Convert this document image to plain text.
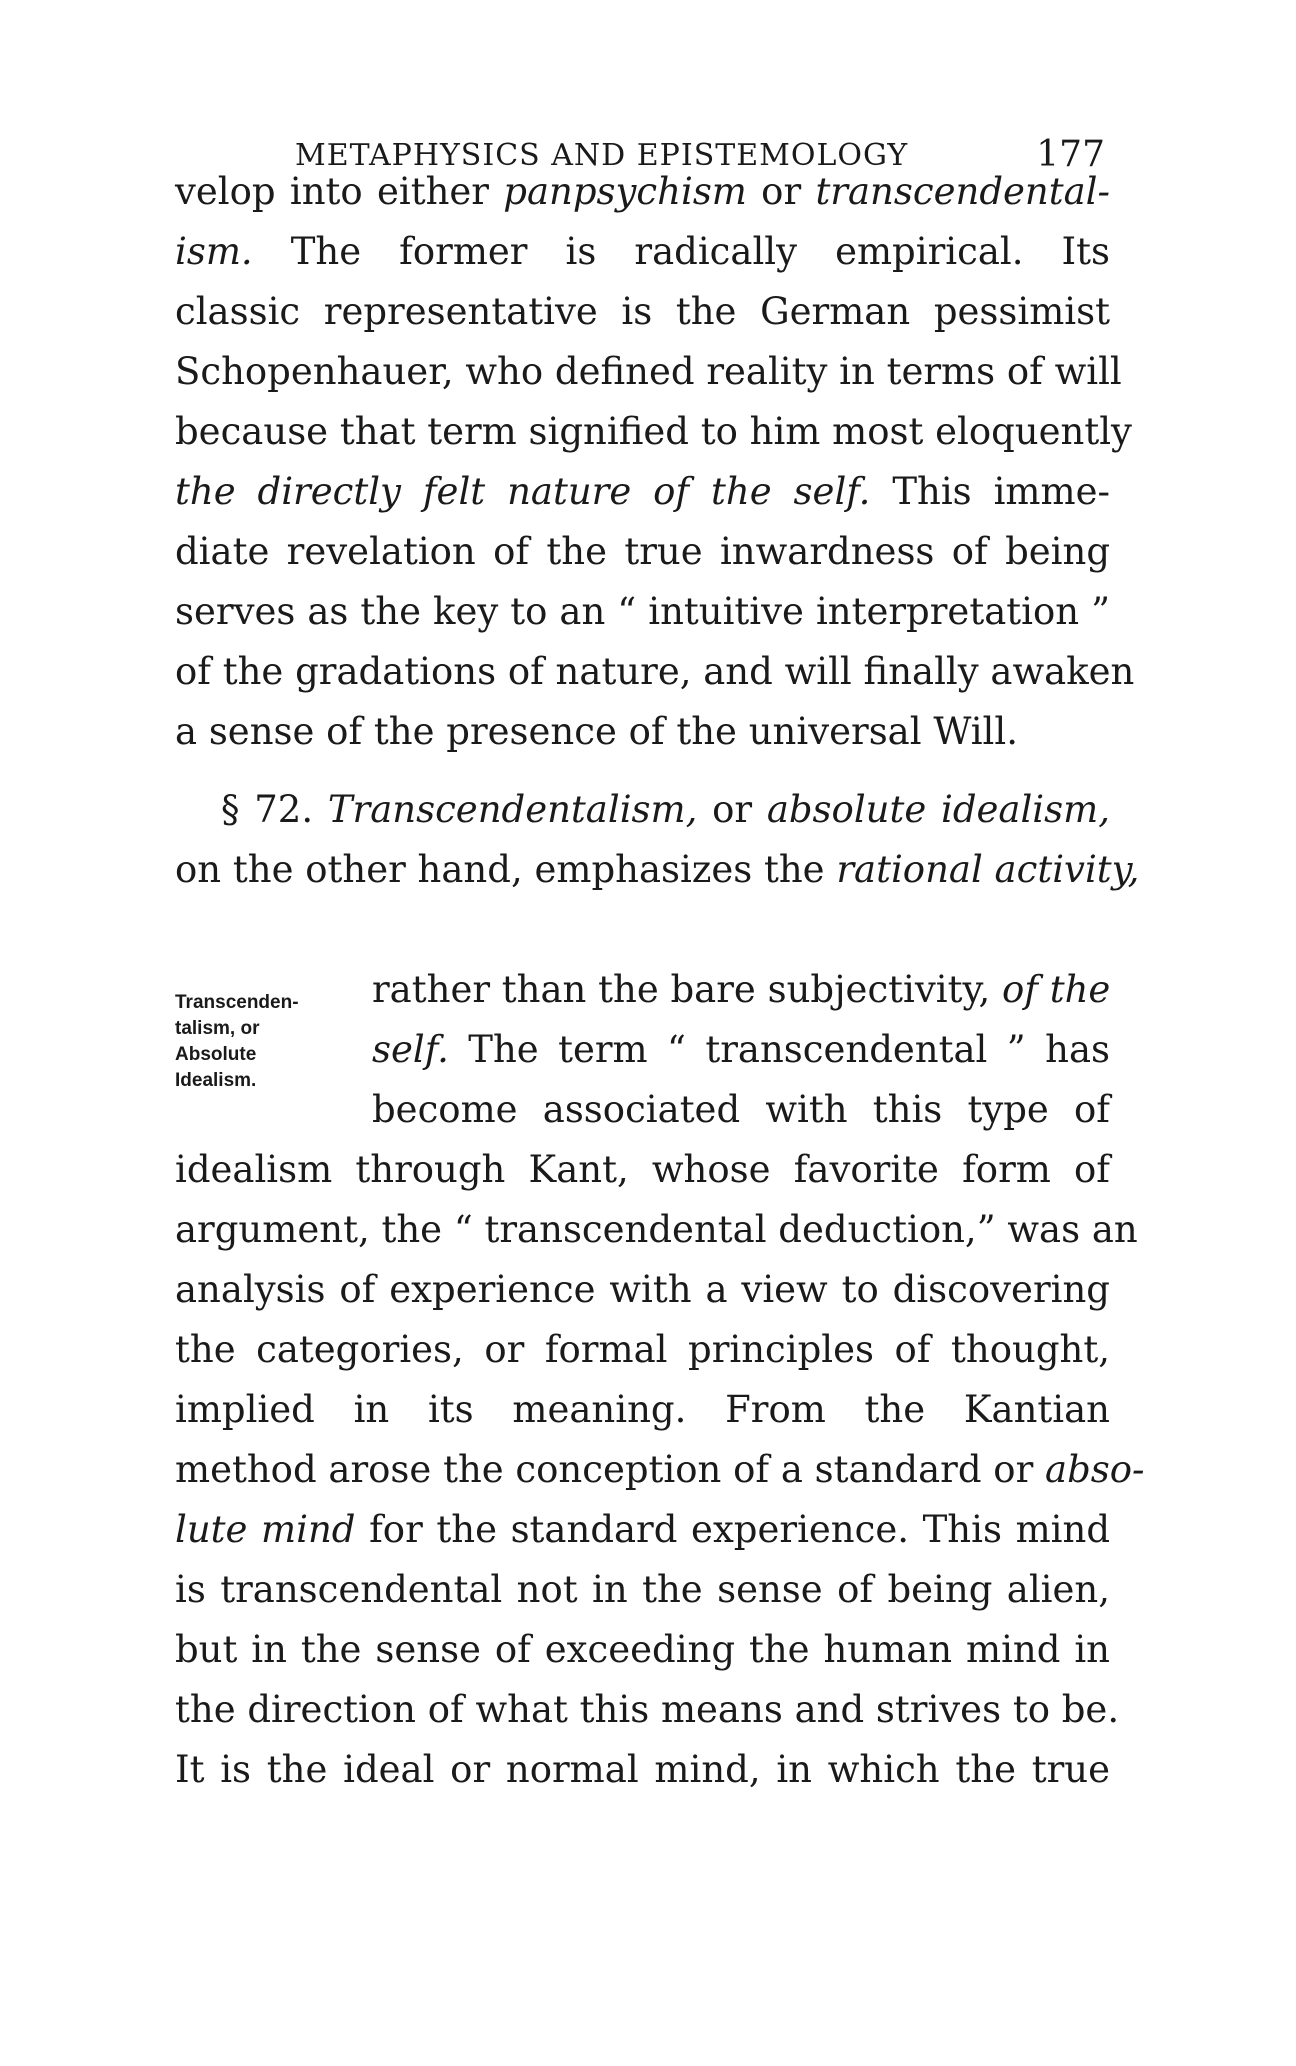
METAPHYSICS AND EPISTEMOLOGY	177
velop into either panpsychism or transcendental-
ism. The former is radically empirical. Its
classic representative is the German pessimist
Schopenhauer, who defined reality in terms of will
because that term signified to him most eloquently
the directly felt nature of the self. This imme-
diate revelation of the true inwardness of being
serves as the key to an “ intuitive interpretation ”
of the gradations of nature, and will finally awaken
a sense of the presence of the universal Will.
§ 72. Transcendentalism, or absolute idealism,
on the other hand, emphasizes the rational activity,
Transcenden-
talism, or
Absolute
Idealism.
rather than the bare subjectivity, of the
self. The term “ transcendental ” has
become associated with this type of
idealism through Kant, whose favorite form of
argument, the “ transcendental deduction,” was an
analysis of experience with a view to discovering
the categories, or formal principles of thought,
implied in its meaning. From the Kantian
method arose the conception of a standard or abso-
lute mind for the standard experience. This mind
is transcendental not in the sense of being alien,
but in the sense of exceeding the human mind in
the direction of what this means and strives to be.
It is the ideal or normal mind, in which the true
